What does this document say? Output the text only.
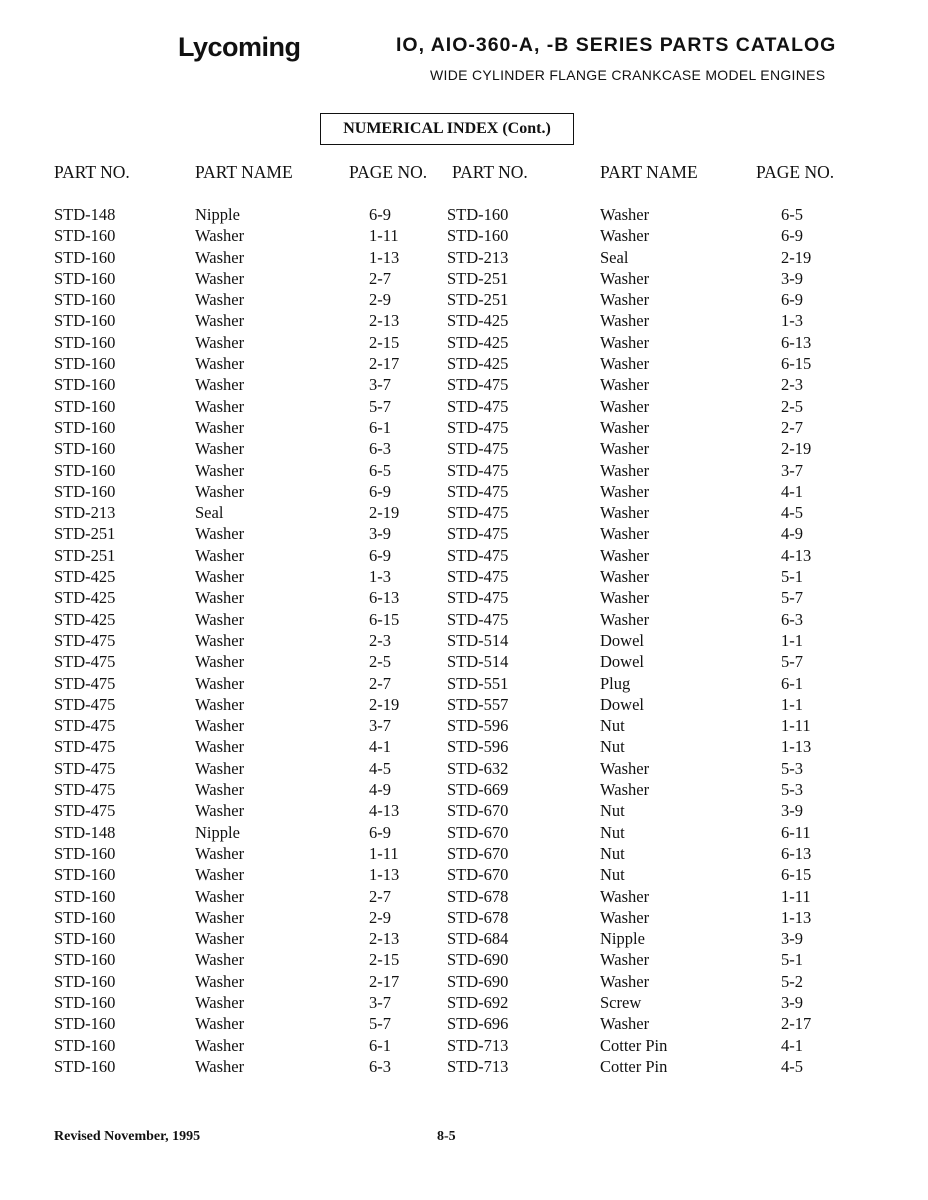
Lycoming	IO, AIO-360-A, -B SERIES PARTS CATALOG
WIDE CYLINDER FLANGE CRANKCASE MODEL ENGINES
NUMERICAL INDEX (Cont.)
PART NO.	PART NAME	PAGE NO. PART NO.	PART NAME	PAGE NO.
STD-148	Nipple	6-9	STD-160	Washer	6-5
STD-160	Washer	1-11	STD-160	Washer	6-9
STD-160	Washer	1-13	STD-213	Seal	2-19
STD-160	Washer	2-7	STD-251	Washer	3-9
STD-160	Washer	2-9	STD-251	Washer	6-9
STD-160	Washer	2-13	STD-425	Washer	1-3
STD-160	Washer	2-15	STD-425	Washer	6-13
STD-160	Washer	2-17	STD-425	Washer	6-15
STD-160	Washer	3-7	STD-475	Washer	2-3
STD-160	Washer	5-7	STD-475	Washer	2-5
STD-160	Washer	6-1	STD-475	Washer	2-7
STD-160	Washer	6-3	STD-475	Washer	2-19
STD-160	Washer	6-5	STD-475	Washer	3-7
STD-160	Washer	6-9	STD-475	Washer	4-1
STD-213	Seal	2-19	STD-475	Washer	4-5
STD-251	Washer	3-9	STD-475	Washer	4-9
STD-251	Washer	6-9	STD-475	Washer	4-13
STD-425	Washer	1-3	STD-475	Washer	5-1
STD-425	Washer	6-13	STD-475	Washer	5-7
STD-425	Washer	6-15	STD-475	Washer	6-3
STD-475	Washer	2-3	STD-514	Dowel	1-1
STD-475	Washer	2-5	STD-514	Dowel	5-7
STD-475	Washer	2-7	STD-551	Plug	6-1
STD-475	Washer	2-19	STD-557	Dowel	1-1
STD-475	Washer	3-7	STD-596	Nut	1-11
STD-475	Washer	4-1	STD-596	Nut	1-13
STD-475	Washer	4-5	STD-632	Washer	5-3
STD-475	Washer	4-9	STD-669	Washer	5-3
STD-475	Washer	4-13	STD-670	Nut	3-9
STD-148	Nipple	6-9	STD-670	Nut	6-11
STD-160	Washer	1-11	STD-670	Nut	6-13
STD-160	Washer	1-13	STD-670	Nut	6-15
STD-160	Washer	2-7	STD-678	Washer	1-11
STD-160	Washer	2-9	STD-678	Washer	1-13
STD-160	Washer	2-13	STD-684	Nipple	3-9
STD-160	Washer	2-15	STD-690	Washer	5-1
STD-160	Washer	2-17	STD-690	Washer	5-2
STD-160	Washer	3-7	STD-692	Screw	3-9
STD-160	Washer	5-7	STD-696	Washer	2-17
STD-160	Washer	6-1	STD-713	Cotter Pin	4-1
STD-160	Washer	6-3	STD-713	Cotter Pin	4-5
Revised November, 1995	8-5
